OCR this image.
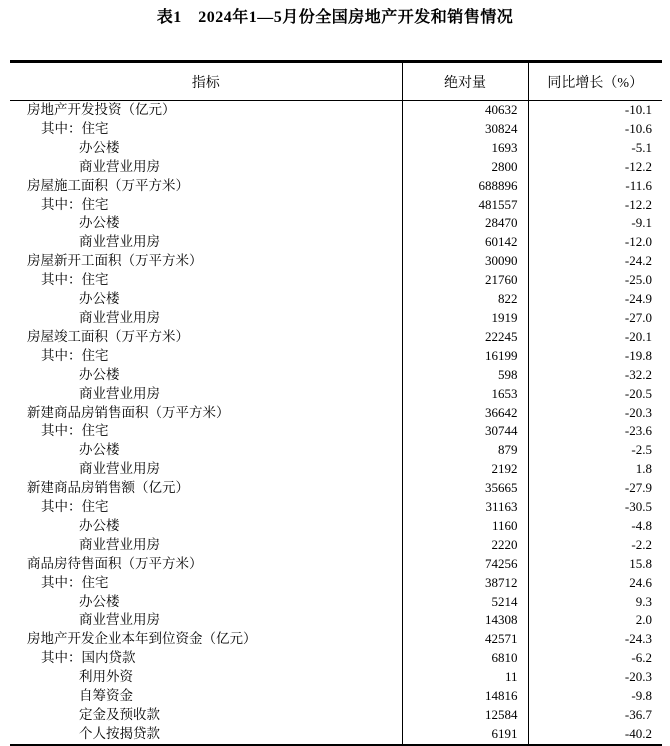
表1　2024年1—5月份全国房地产开发和销售情况
指标	绝对量	同比增长（%）
房地产开发投资（亿元）	40632	-10.1
其中：住宅	30824	-10.6
办公楼	1693	-5.1
商业营业用房	2800	-12.2
房屋施工面积（万平方米）	688896	-11.6
其中：住宅	481557	-12.2
办公楼	28470	-9.1
商业营业用房	60142	-12.0
房屋新开工面积（万平方米）	30090	-24.2
其中：住宅	21760	-25.0
办公楼	822	-24.9
商业营业用房	1919	-27.0
房屋竣工面积（万平方米）	22245	-20.1
其中：住宅	16199	-19.8
办公楼	598	-32.2
商业营业用房	1653	-20.5
新建商品房销售面积（万平方米）	36642	-20.3
其中：住宅	30744	-23.6
办公楼	879	-2.5
商业营业用房	2192	1.8
新建商品房销售额（亿元）	35665	-27.9
其中：住宅	31163	-30.5
办公楼	1160	-4.8
商业营业用房	2220	-2.2
商品房待售面积（万平方米）	74256	15.8
其中：住宅	38712	24.6
办公楼	5214	9.3
商业营业用房	14308	2.0
房地产开发企业本年到位资金（亿元）	42571	-24.3
其中：国内贷款	6810	-6.2
利用外资	11	-20.3
自筹资金	14816	-9.8
定金及预收款	12584	-36.7
个人按揭贷款	6191	-40.2
